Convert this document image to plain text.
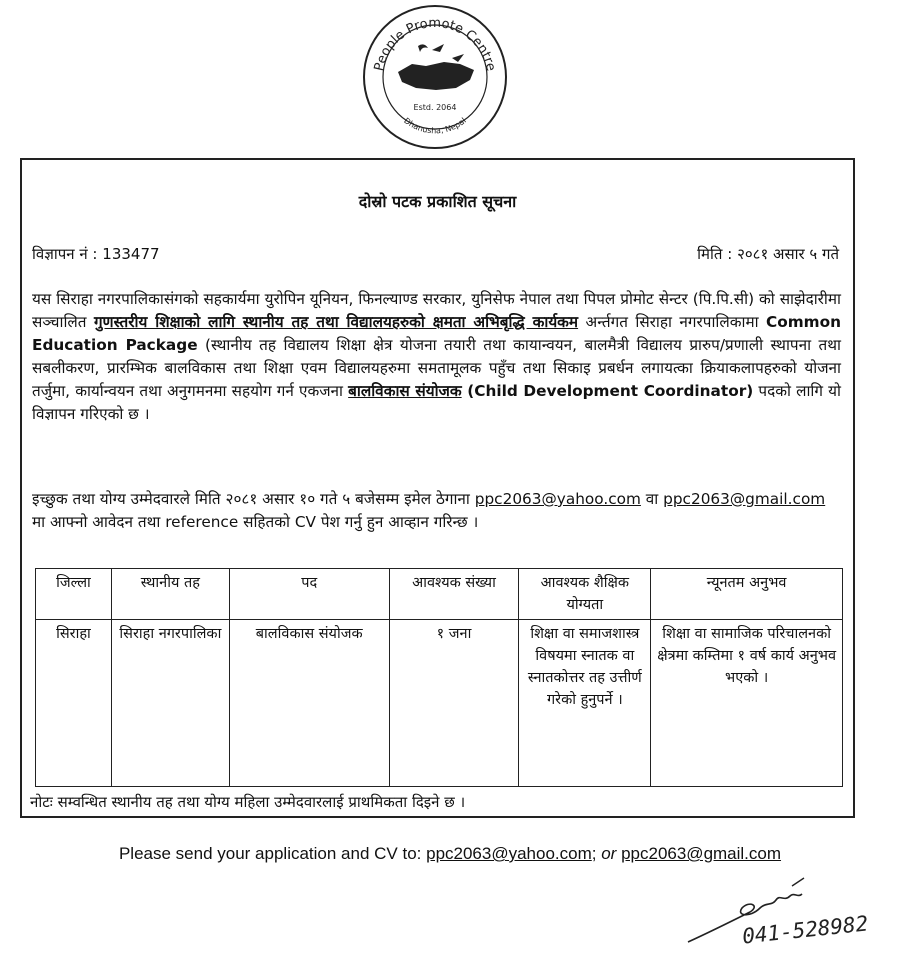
People Promote Centre
Dhanusha, Nepal
Estd. 2064
दोस्रो पटक प्रकाशित सूचना
विज्ञापन नं : 133477	मिति : २०८१ असार ५ गते
यस सिराहा नगरपालिकासंगको सहकार्यमा युरोपिन यूनियन, फिनल्याण्ड सरकार, युनिसेफ नेपाल तथा पिपल प्रोमोट सेन्टर (पि.पि.सी) को साझेदारीमा सञ्चालित गुणस्तरीय शिक्षाको लागि स्थानीय तह तथा विद्यालयहरुको क्षमता अभिबृद्धि कार्यकम अर्न्तगत सिराहा नगरपालिकामा Common Education Package (स्थानीय तह विद्यालय शिक्षा क्षेत्र योजना तयारी तथा कायान्वयन, बालमैत्री विद्यालय प्रारुप/प्रणाली स्थापना तथा सबलीकरण, प्रारम्भिक बालविकास तथा शिक्षा एवम विद्यालयहरुमा समतामूलक पहुँच तथा सिकाइ प्रबर्धन लगायत्का क्रियाकलापहरुको योजना तर्जुमा, कार्यान्वयन तथा अनुगमनमा सहयोग गर्न एकजना बालविकास संयोजक (Child Development Coordinator) पदको लागि यो विज्ञापन गरिएको छ ।
इच्छुक तथा योग्य उम्मेदवारले मिति २०८१ असार १० गते ५ बजेसम्म इमेल ठेगाना ppc2063@yahoo.com वा ppc2063@gmail.com मा आफ्नो आवेदन तथा reference सहितको CV पेश गर्नु हुन आव्हान गरिन्छ ।
जिल्ला	स्थानीय तह	पद	आवश्यक संख्या	आवश्यक शैक्षिक योग्यता	न्यूनतम अनुभव
सिराहा	सिराहा नगरपालिका	बालविकास संयोजक	१ जना	शिक्षा वा समाजशास्त्र विषयमा स्नातक वा स्नातकोत्तर तह उत्तीर्ण गरेको हुनुपर्ने ।	शिक्षा वा सामाजिक परिचालनको क्षेत्रमा कम्तिमा १ वर्ष कार्य अनुभव भएको ।
नोटः सम्वन्धित स्थानीय तह तथा योग्य महिला उम्मेदवारलाई प्राथमिकता दिइने छ ।
Please send your application and CV to: ppc2063@yahoo.com; or ppc2063@gmail.com
041-528982
